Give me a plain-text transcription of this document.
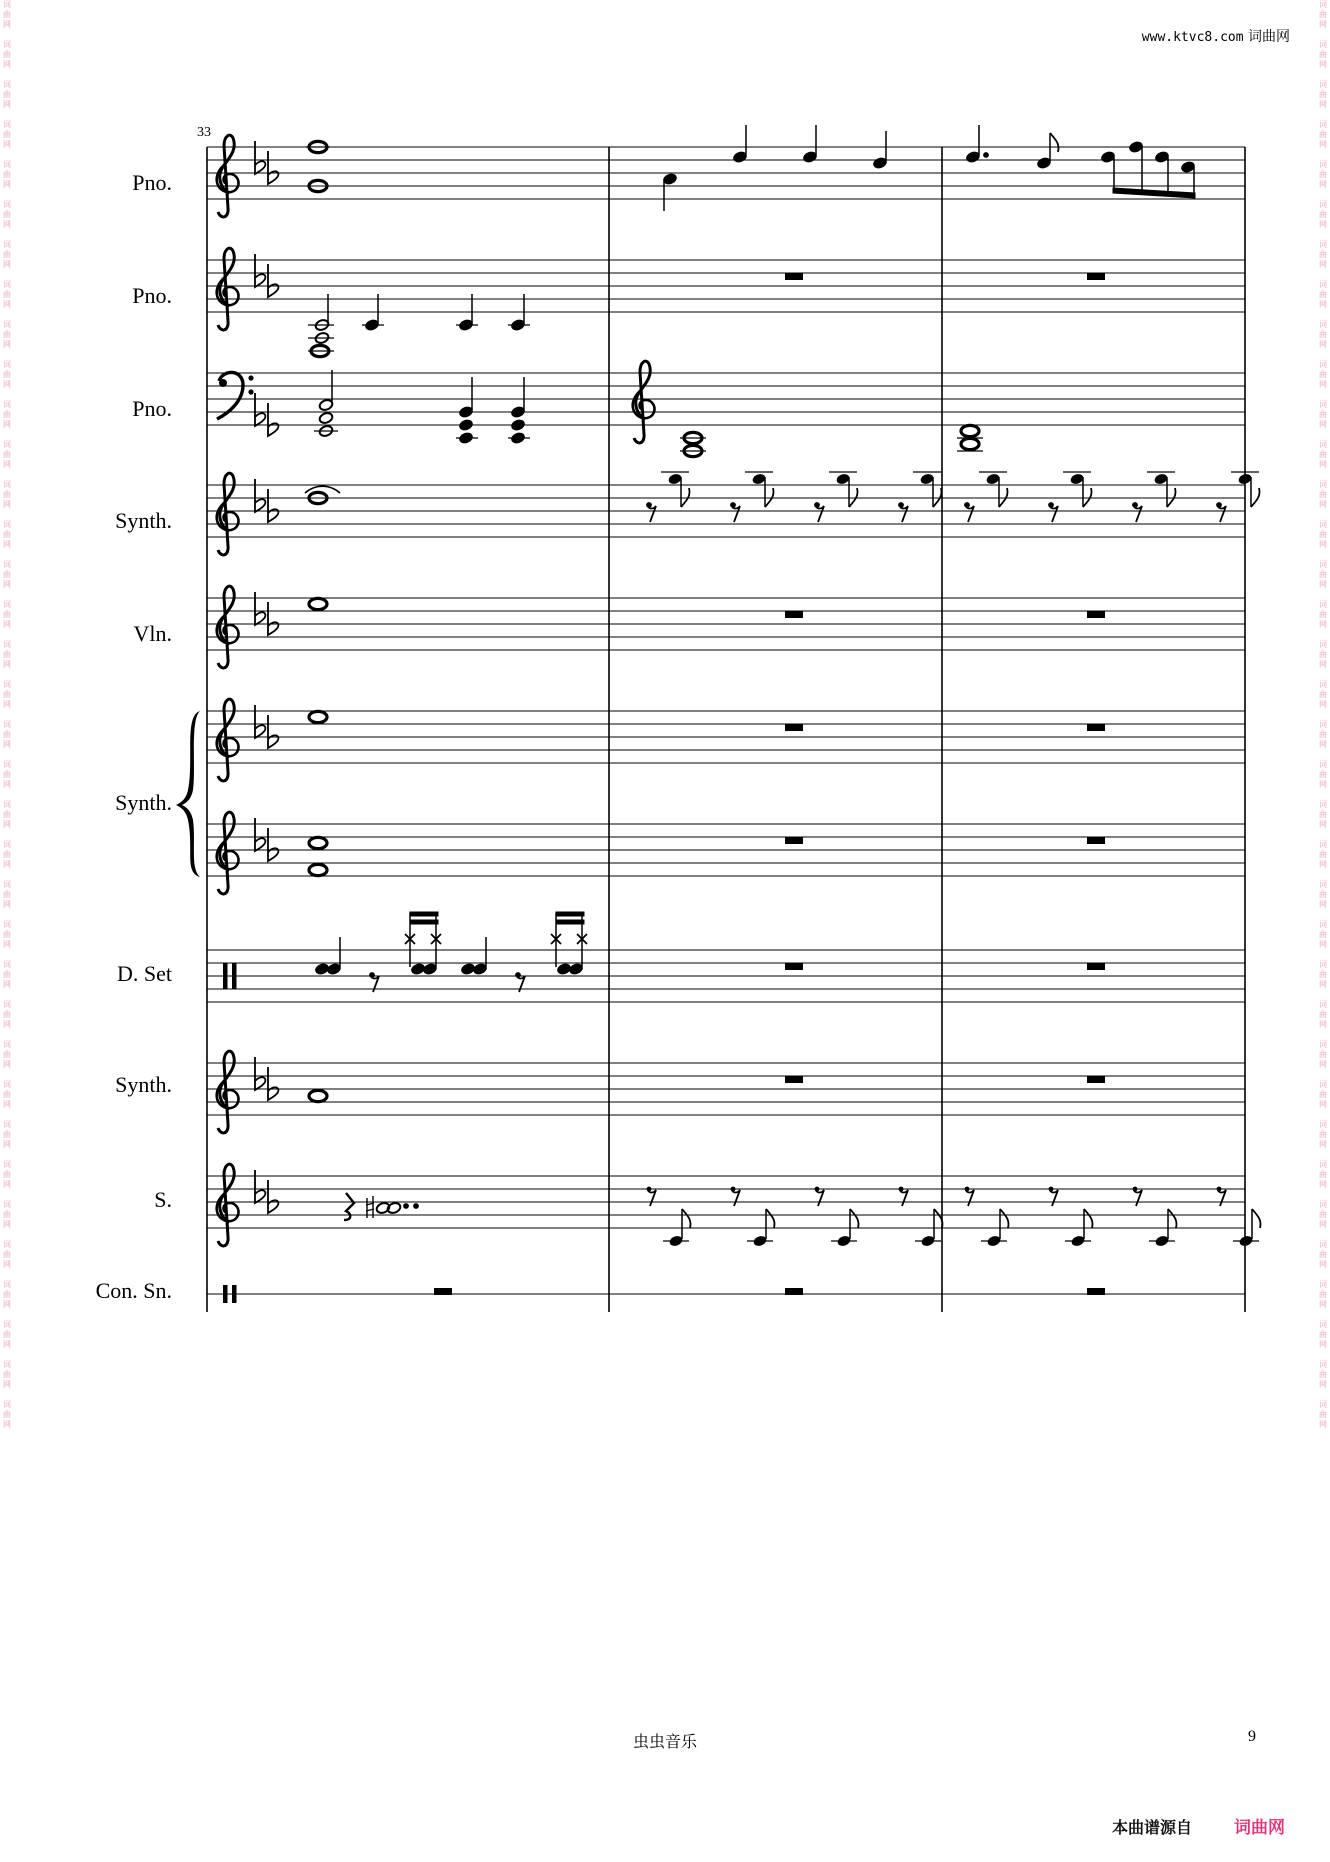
www.ktvc8.com 词曲网
词
曲
网

词
曲
网

词
曲
网

词
曲
网

词
曲
网

词
曲
网

词
曲
网

词
曲
网

词
曲
网

词
曲
网

词
曲
网

词
曲
网

词
曲
网

词
曲
网

词
曲
网

词
曲
网

词
曲
网

词
曲
网

词
曲
网

词
曲
网

词
曲
网

词
曲
网

词
曲
网

词
曲
网

词
曲
网

词
曲
网

词
曲
网

词
曲
网

词
曲
网

词
曲
网

词
曲
网

词
曲
网

词
曲
网

词
曲
网

词
曲
网

词
曲
网

词
曲
网

词
曲
网

词
曲
网

词
曲
网

词
曲
网

词
曲
网

词
曲
网

词
曲
网

词
曲
网

词
曲
网

词
曲
网

词
曲
网

词
曲
网

词
曲
网

词
曲
网

词
曲
网

词
曲
网

词
曲
网

词
曲
网

词
曲
网

词
曲
网

词
曲
网

词
曲
网

词
曲
网

词
曲
网

词
曲
网

词
曲
网

词
曲
网

词
曲
网

词
曲
网

词
曲
网

词
曲
网

词
曲
网

词
曲
网

词
曲
网

词
曲
网

33
Pno.
Pno.
Pno.
Synth.
Vln.
Synth.
D. Set
Synth.
S.
Con. Sn.
虫虫音乐	9
本曲谱源自 词曲网
